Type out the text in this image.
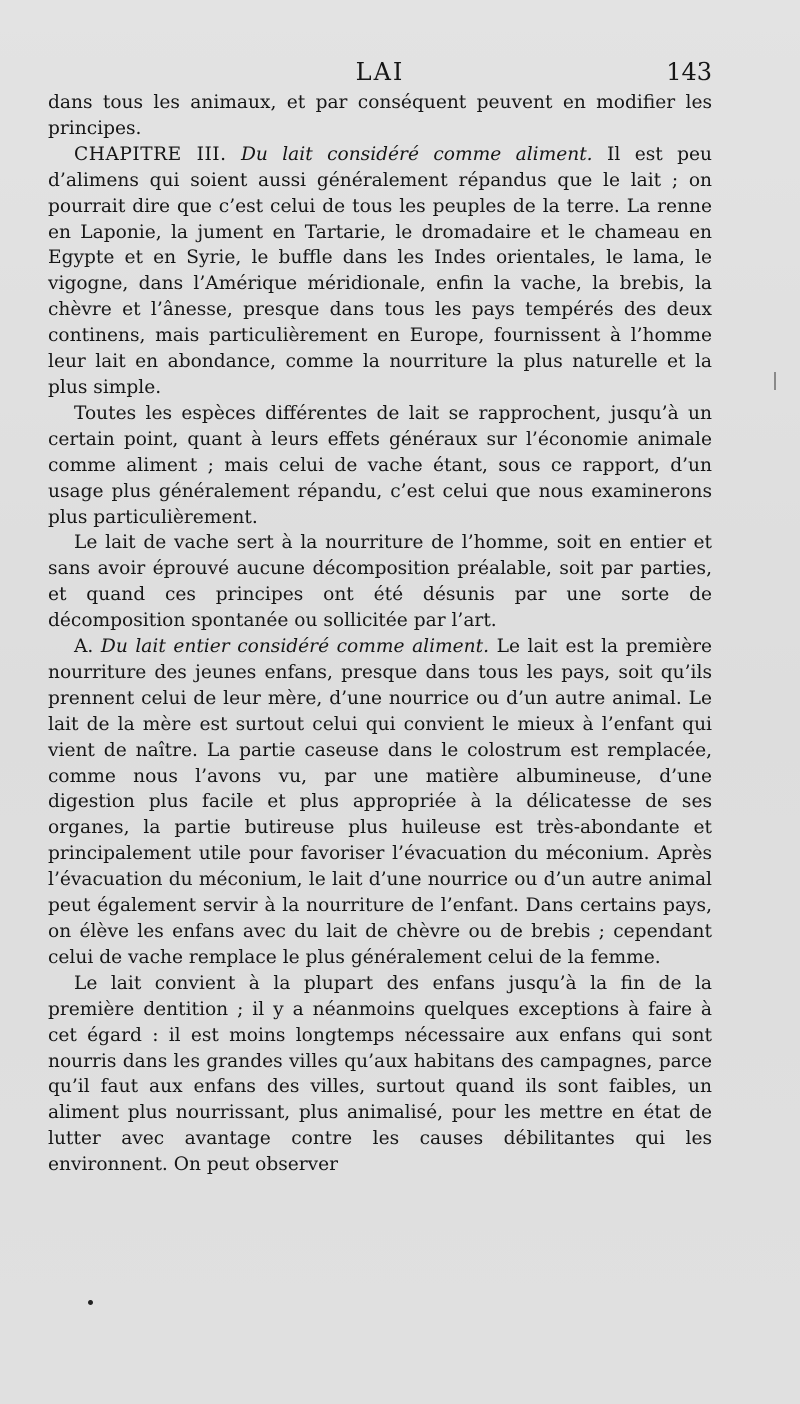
LAI	143

dans tous les animaux, et par conséquent peuvent en modifier les principes.

CHAPITRE III. Du lait considéré comme aliment. Il est peu d’alimens qui soient aussi généralement répandus que le lait ; on pourrait dire que c’est celui de tous les peuples de la terre. La renne en Laponie, la jument en Tartarie, le dromadaire et le chameau en Egypte et en Syrie, le buffle dans les Indes orientales, le lama, le vigogne, dans l’Amérique méridionale, enfin la vache, la brebis, la chèvre et l’ânesse, presque dans tous les pays tempérés des deux continens, mais particulièrement en Europe, fournissent à l’homme leur lait en abondance, comme la nourriture la plus naturelle et la plus simple.

Toutes les espèces différentes de lait se rapprochent, jusqu’à un certain point, quant à leurs effets généraux sur l’économie animale comme aliment ; mais celui de vache étant, sous ce rapport, d’un usage plus généralement répandu, c’est celui que nous examinerons plus particulièrement.

Le lait de vache sert à la nourriture de l’homme, soit en entier et sans avoir éprouvé aucune décomposition préalable, soit par parties, et quand ces principes ont été désunis par une sorte de décomposition spontanée ou sollicitée par l’art.

A. Du lait entier considéré comme aliment. Le lait est la première nourriture des jeunes enfans, presque dans tous les pays, soit qu’ils prennent celui de leur mère, d’une nourrice ou d’un autre animal. Le lait de la mère est surtout celui qui convient le mieux à l’enfant qui vient de naître. La partie caseuse dans le colostrum est remplacée, comme nous l’avons vu, par une matière albumineuse, d’une digestion plus facile et plus appropriée à la délicatesse de ses organes, la partie butireuse plus huileuse est très-abondante et principalement utile pour favoriser l’évacuation du méconium. Après l’évacuation du méconium, le lait d’une nourrice ou d’un autre animal peut également servir à la nourriture de l’enfant. Dans certains pays, on élève les enfans avec du lait de chèvre ou de brebis ; cependant celui de vache remplace le plus généralement celui de la femme.

Le lait convient à la plupart des enfans jusqu’à la fin de la première dentition ; il y a néanmoins quelques exceptions à faire à cet égard : il est moins longtemps nécessaire aux enfans qui sont nourris dans les grandes villes qu’aux habitans des campagnes, parce qu’il faut aux enfans des villes, surtout quand ils sont faibles, un aliment plus nourrissant, plus animalisé, pour les mettre en état de lutter avec avantage contre les causes débilitantes qui les environnent. On peut observer
